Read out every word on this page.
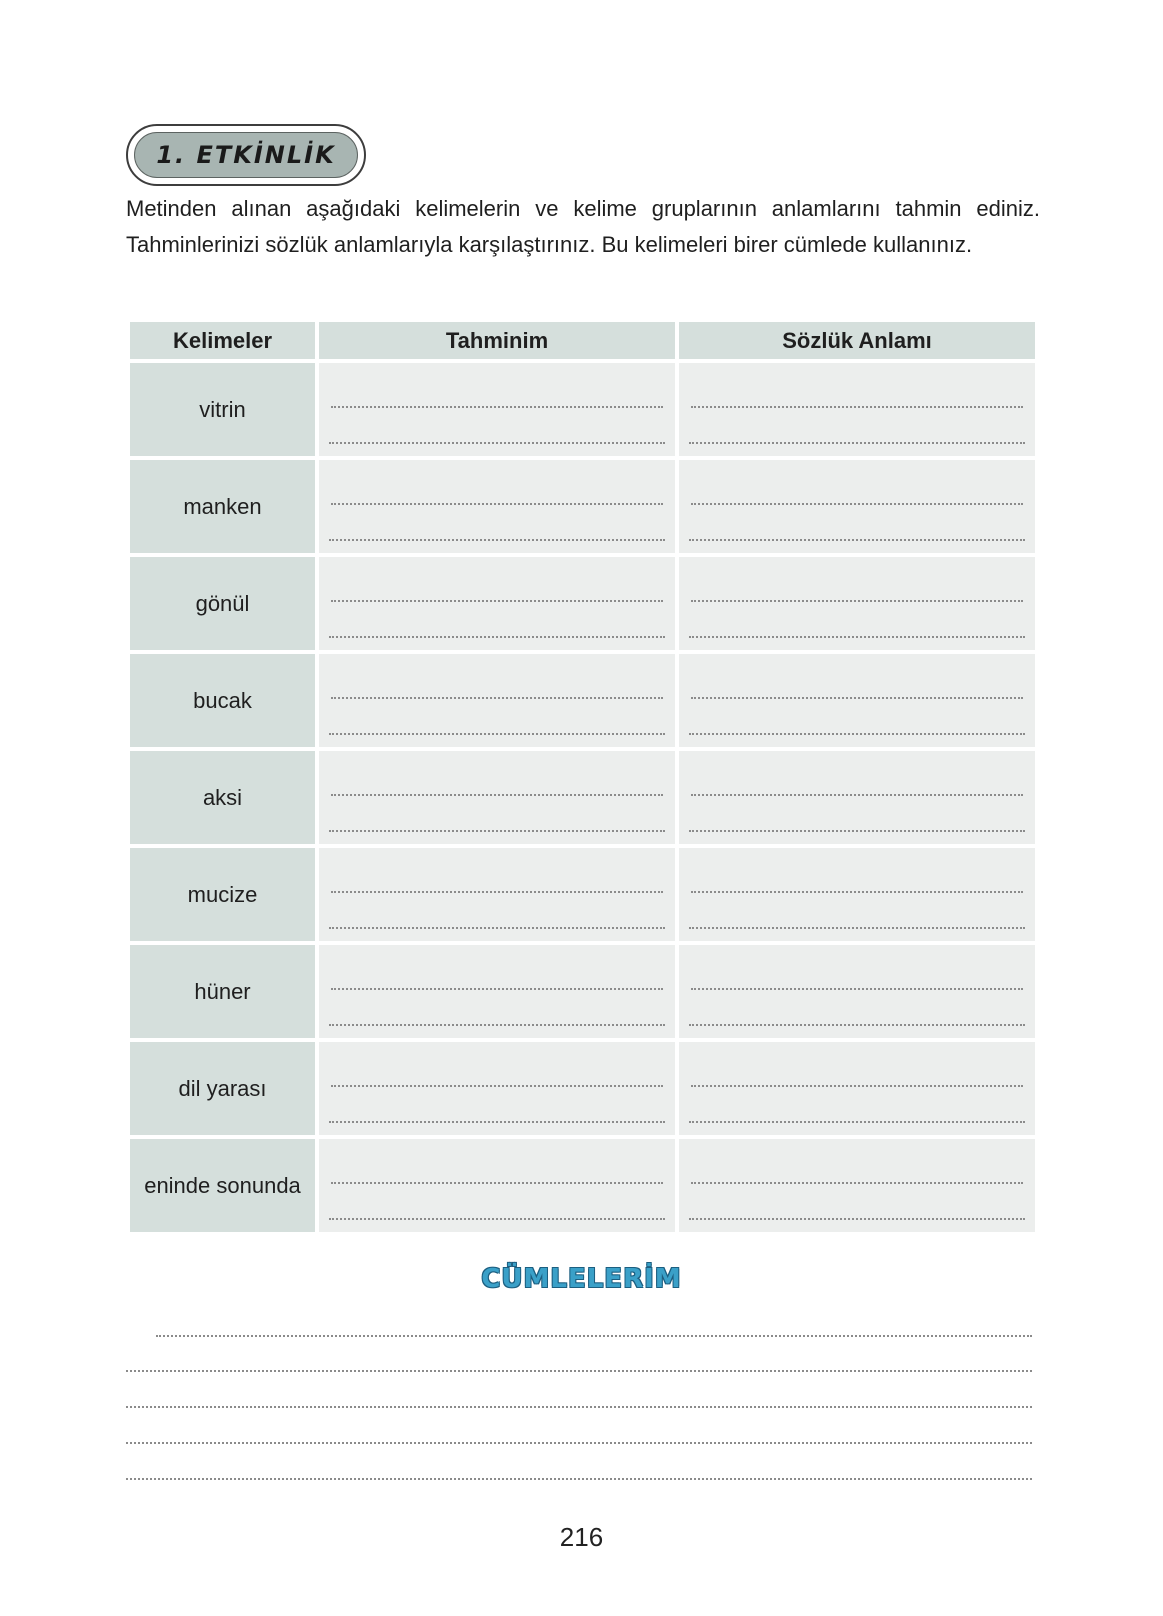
1. ETKİNLİK

Metinden alınan aşağıdaki kelimelerin ve kelime gruplarının anlamlarını tahmin ediniz. Tahminlerinizi sözlük anlamlarıyla karşılaştırınız. Bu kelimeleri birer cümlede kullanınız.

Kelimeler	Tahminim	Sözlük Anlamı
vitrin
manken
gönül
bucak
aksi
mucize
hüner
dil yarası
eninde sonunda
CÜMLELERİM
216
